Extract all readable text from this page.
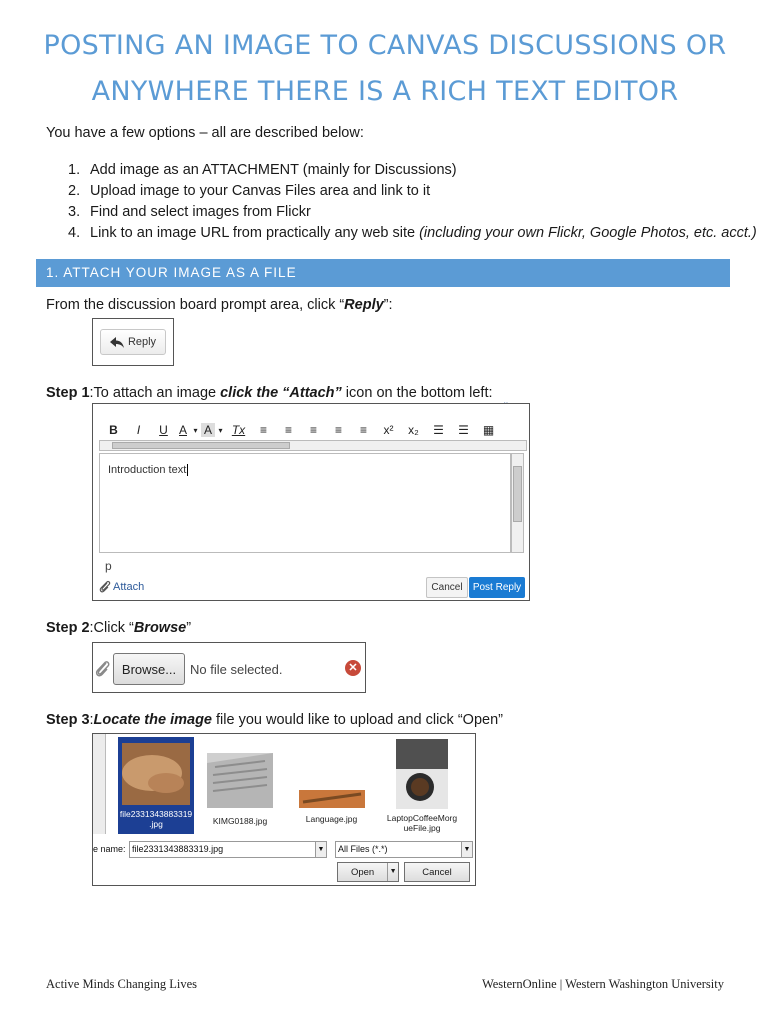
POSTING AN IMAGE TO CANVAS DISCUSSIONS OR
ANYWHERE THERE IS A RICH TEXT EDITOR

You have a few options – all are described below:

1. Add image as an ATTACHMENT (mainly for Discussions)
2. Upload image to your Canvas Files area and link to it
3. Find and select images from Flickr
4. Link to an image URL from practically any web site (including your own Flickr, Google Photos, etc. acct.)
1. ATTACH YOUR IMAGE AS A FILE

From the discussion board prompt area, click “Reply”:

Reply

Step 1:To attach an image click the “Attach” icon on the bottom left:

B	I	U A ▾ A ▾ Tx	≡	≡	≡	≡	≡	x²	x₂	☰	☰	▦
Introduction text
p
Attach	Cancel	Post Reply

Step 2:Click “Browse”

Browse...	No file selected.	✕

Step 3:Locate the image file you would like to upload and click “Open”

file2331343883319
.jpg	KIMG0188.jpg	Language.jpg	LaptopCoffeeMorg
ueFile.jpg
e name: file2331343883319.jpg	▼	All Files (*.*)	▼
Open	▼	Cancel
Active Minds Changing Lives	WesternOnline | Western Washington University
